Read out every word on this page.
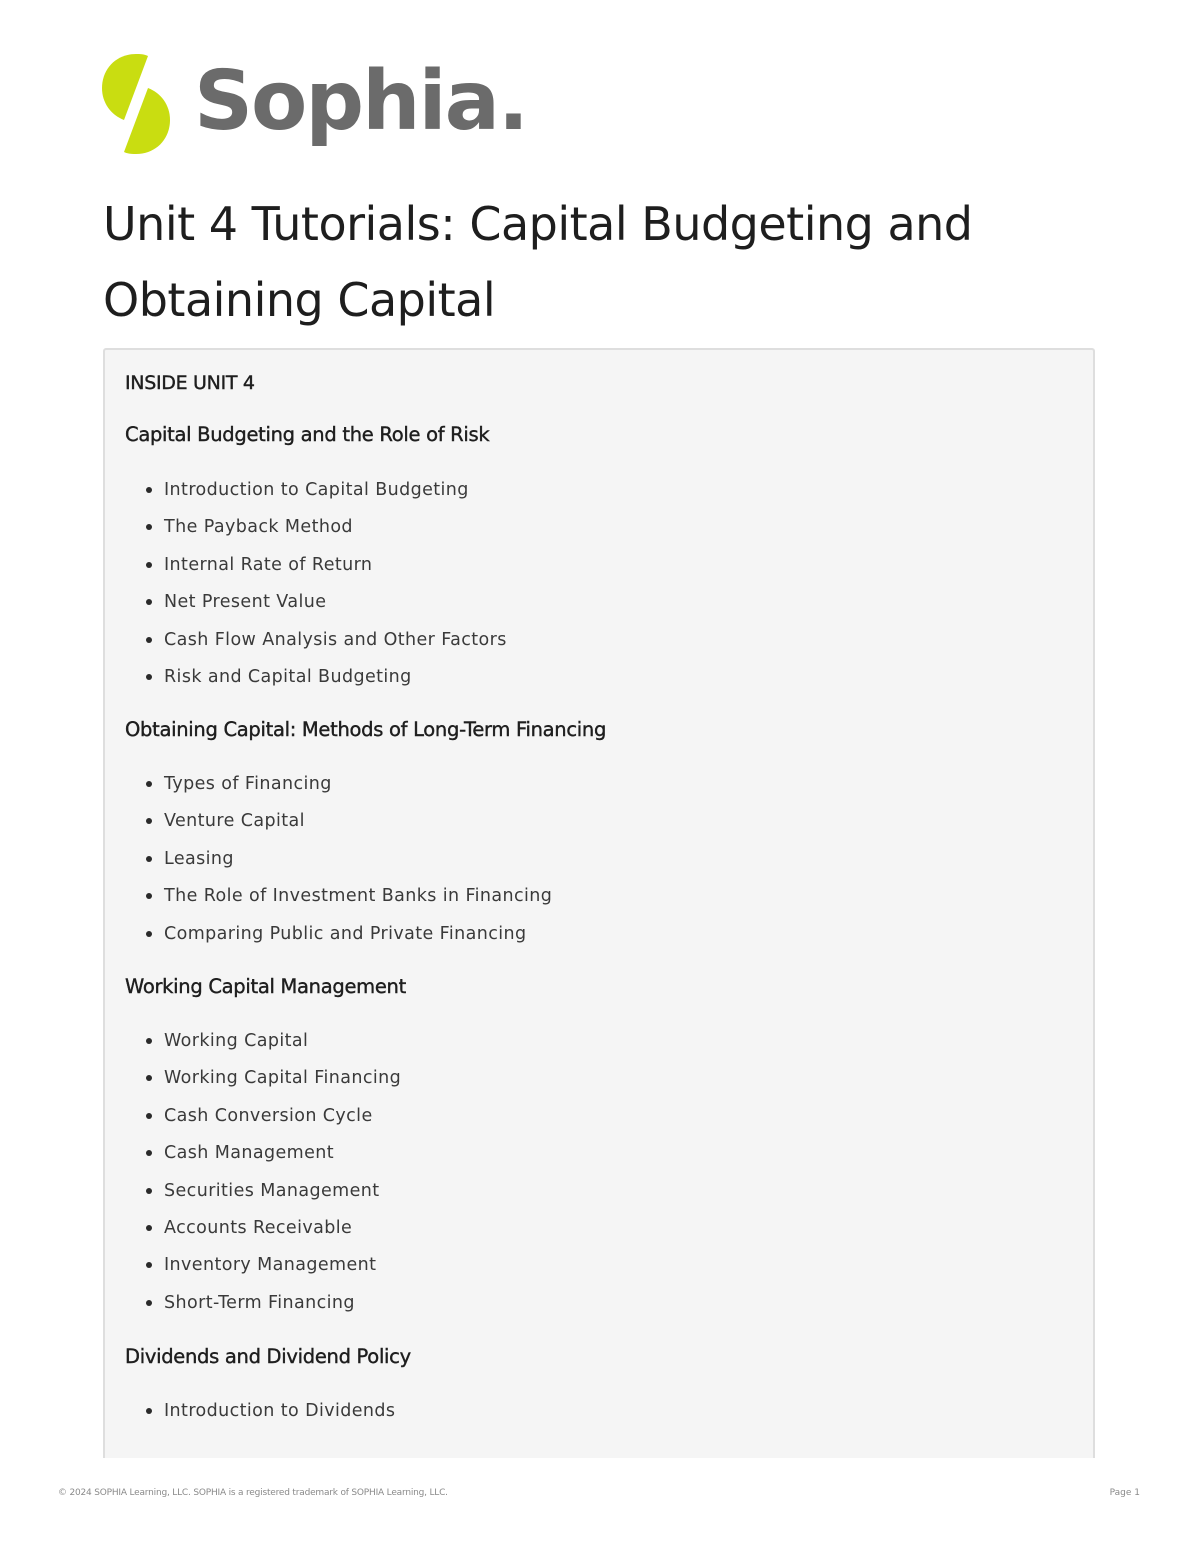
Sophia.
Unit 4 Tutorials: Capital Budgeting and Obtaining Capital
INSIDE UNIT 4
Capital Budgeting and the Role of Risk
Introduction to Capital Budgeting
The Payback Method
Internal Rate of Return
Net Present Value
Cash Flow Analysis and Other Factors
Risk and Capital Budgeting
Obtaining Capital: Methods of Long-Term Financing
Types of Financing
Venture Capital
Leasing
The Role of Investment Banks in Financing
Comparing Public and Private Financing
Working Capital Management
Working Capital
Working Capital Financing
Cash Conversion Cycle
Cash Management
Securities Management
Accounts Receivable
Inventory Management
Short-Term Financing
Dividends and Dividend Policy
Introduction to Dividends
© 2024 SOPHIA Learning, LLC. SOPHIA is a registered trademark of SOPHIA Learning, LLC.	Page 1
